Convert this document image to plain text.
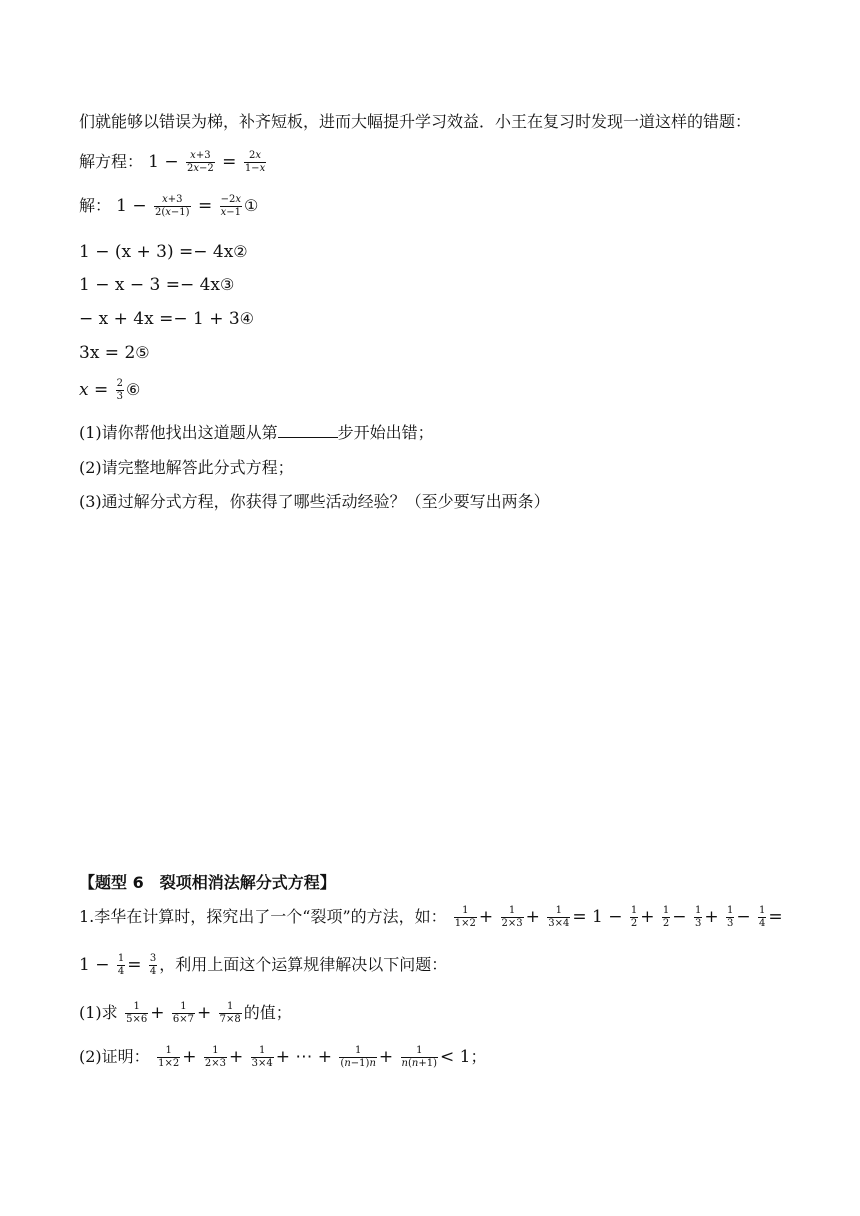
们就能够以错误为梯，补齐短板，进而大幅提升学习效益．小王在复习时发现一道这样的错题：
解方程： $1 - \frac{x+3}{2x-2} = \frac{2x}{1-x}$
解： $1 - \frac{x+3}{2(x-1)} = \frac{-2x}{x-1}$ ①
1 − (x + 3) =− 4x②
1 − x − 3 =− 4x③
− x + 4x =− 1 + 3④
3x = 2⑤
$x = \frac{2}{3}$ ⑥
(1)请你帮他找出这道题从第	步开始出错；
(2)请完整地解答此分式方程；
(3)通过解分式方程，你获得了哪些活动经验？（至少要写出两条）
【题型 6　裂项相消法解分式方程】
1.李华在计算时，探究出了一个“裂项”的方法，如： $\frac{1}{1\times 2} + \frac{1}{2\times 3} + \frac{1}{3\times 4} = 1 - \frac{1}{2} + \frac{1}{2} - \frac{1}{3} + \frac{1}{3} - \frac{1}{4}$ =
$1 - \frac{1}{4} = \frac{3}{4}$ ，利用上面这个运算规律解决以下问题：
(1)求 $\frac{1}{5\times 6} + \frac{1}{6\times 7} + \frac{1}{7\times 8}$ 的值；
(2)证明： $\frac{1}{1\times 2} + \frac{1}{2\times 3} + \frac{1}{3\times 4}$ + ⋯ + $\frac{1}{(n-1)n} + \frac{1}{n(n+1)} < 1$；
